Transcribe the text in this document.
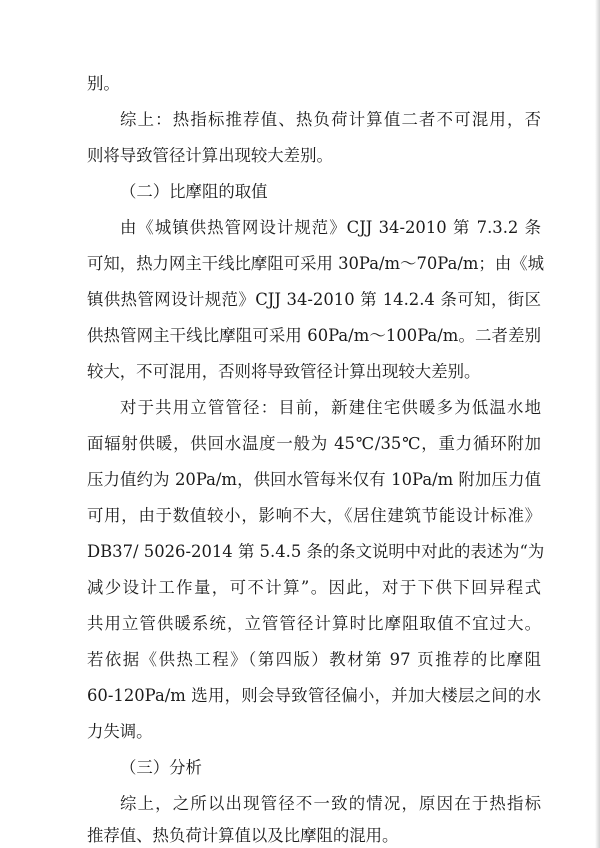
别。

综上：热指标推荐值、热负荷计算值二者不可混用，否

则将导致管径计算出现较大差别。

（二）比摩阻的取值

由《城镇供热管网设计规范》CJJ 34-2010 第 7.3.2 条

可知，热力网主干线比摩阻可采用 30Pa/m～70Pa/m；由《城

镇供热管网设计规范》CJJ 34-2010 第 14.2.4 条可知，街区

供热管网主干线比摩阻可采用 60Pa/m～100Pa/m。二者差别

较大，不可混用，否则将导致管径计算出现较大差别。

对于共用立管管径：目前，新建住宅供暖多为低温水地

面辐射供暖，供回水温度一般为 45℃/35℃，重力循环附加

压力值约为 20Pa/m，供回水管每米仅有 10Pa/m 附加压力值

可用，由于数值较小，影响不大，《居住建筑节能设计标准》

DB37/ 5026-2014 第 5.4.5 条的条文说明中对此的表述为“为

减少设计工作量，可不计算”。因此，对于下供下回异程式

共用立管供暖系统，立管管径计算时比摩阻取值不宜过大。

若依据《供热工程》（第四版）教材第 97 页推荐的比摩阻

60-120Pa/m 选用，则会导致管径偏小，并加大楼层之间的水

力失调。

（三）分析

综上，之所以出现管径不一致的情况，原因在于热指标

推荐值、热负荷计算值以及比摩阻的混用。
